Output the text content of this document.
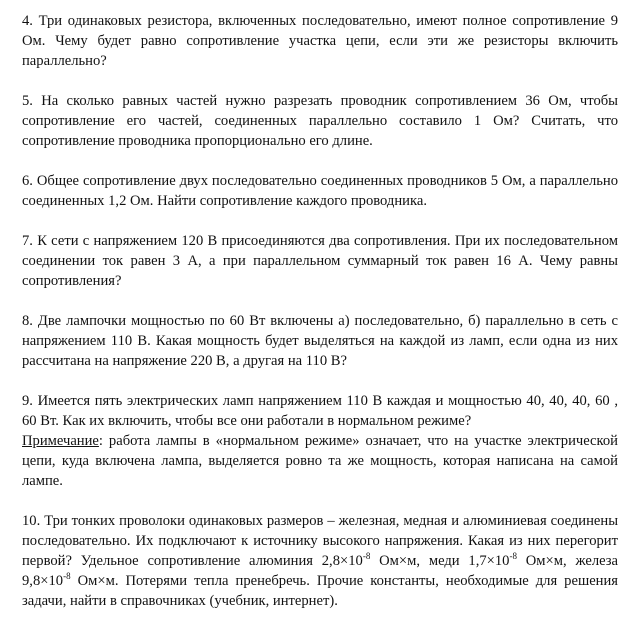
4. Три одинаковых резистора, включенных последовательно, имеют полное сопротивление 9 Ом. Чему будет равно сопротивление участка цепи, если эти же резисторы включить параллельно?

5. На сколько равных частей нужно разрезать проводник сопротивлением 36 Ом, чтобы сопротивление его частей, соединенных параллельно составило 1 Ом? Считать, что сопротивление проводника пропорционально его длине.

6. Общее сопротивление двух последовательно соединенных проводников 5 Ом, а параллельно соединенных 1,2 Ом. Найти сопротивление каждого проводника.

7. К сети с напряжением 120 В присоединяются два сопротивления. При их последовательном соединении ток равен 3 А, а при параллельном суммарный ток равен 16 А. Чему равны сопротивления?

8. Две лампочки мощностью по 60 Вт включены а) последовательно, б) параллельно в сеть с напряжением 110 В. Какая мощность будет выделяться на каждой из ламп, если одна из них рассчитана на напряжение 220 В, а другая на 110 В?

9. Имеется пять электрических ламп напряжением 110 В каждая и мощностью 40, 40, 40, 60 , 60 Вт. Как их включить, чтобы все они работали в нормальном режиме?

Примечание: работа лампы в «нормальном режиме» означает, что на участке электрической цепи, куда включена лампа, выделяется ровно та же мощность, которая написана на самой лампе.

10. Три тонких проволоки одинаковых размеров – железная, медная и алюминиевая соединены последовательно. Их подключают к источнику высокого напряжения. Какая из них перегорит первой? Удельное сопротивление алюминия $2,8\times 10^{-8}$ Ом×м, меди $1,7\times 10^{-8}$ Ом×м, железа $9,8\times 10^{-8}$ Ом×м. Потерями тепла пренебречь. Прочие константы, необходимые для решения задачи, найти в справочниках (учебник, интернет).
